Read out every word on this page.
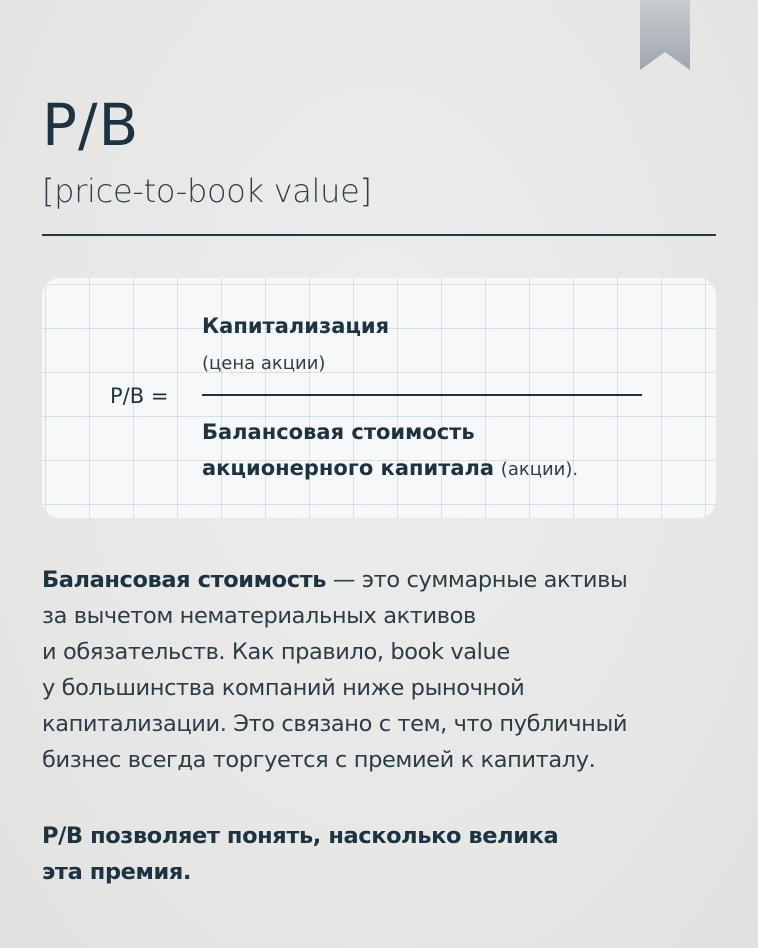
P/B
[price-to-book value]
P/B =
Капитализация
(цена акции)
Балансовая стоимость
акционерного капитала (акции).
Балансовая стоимость — это суммарные активы
за вычетом нематериальных активов
и обязательств. Как правило, book value
у большинства компаний ниже рыночной
капитализации. Это связано с тем, что публичный
бизнес всегда торгуется с премией к капиталу.
P/B позволяет понять, насколько велика
эта премия.
